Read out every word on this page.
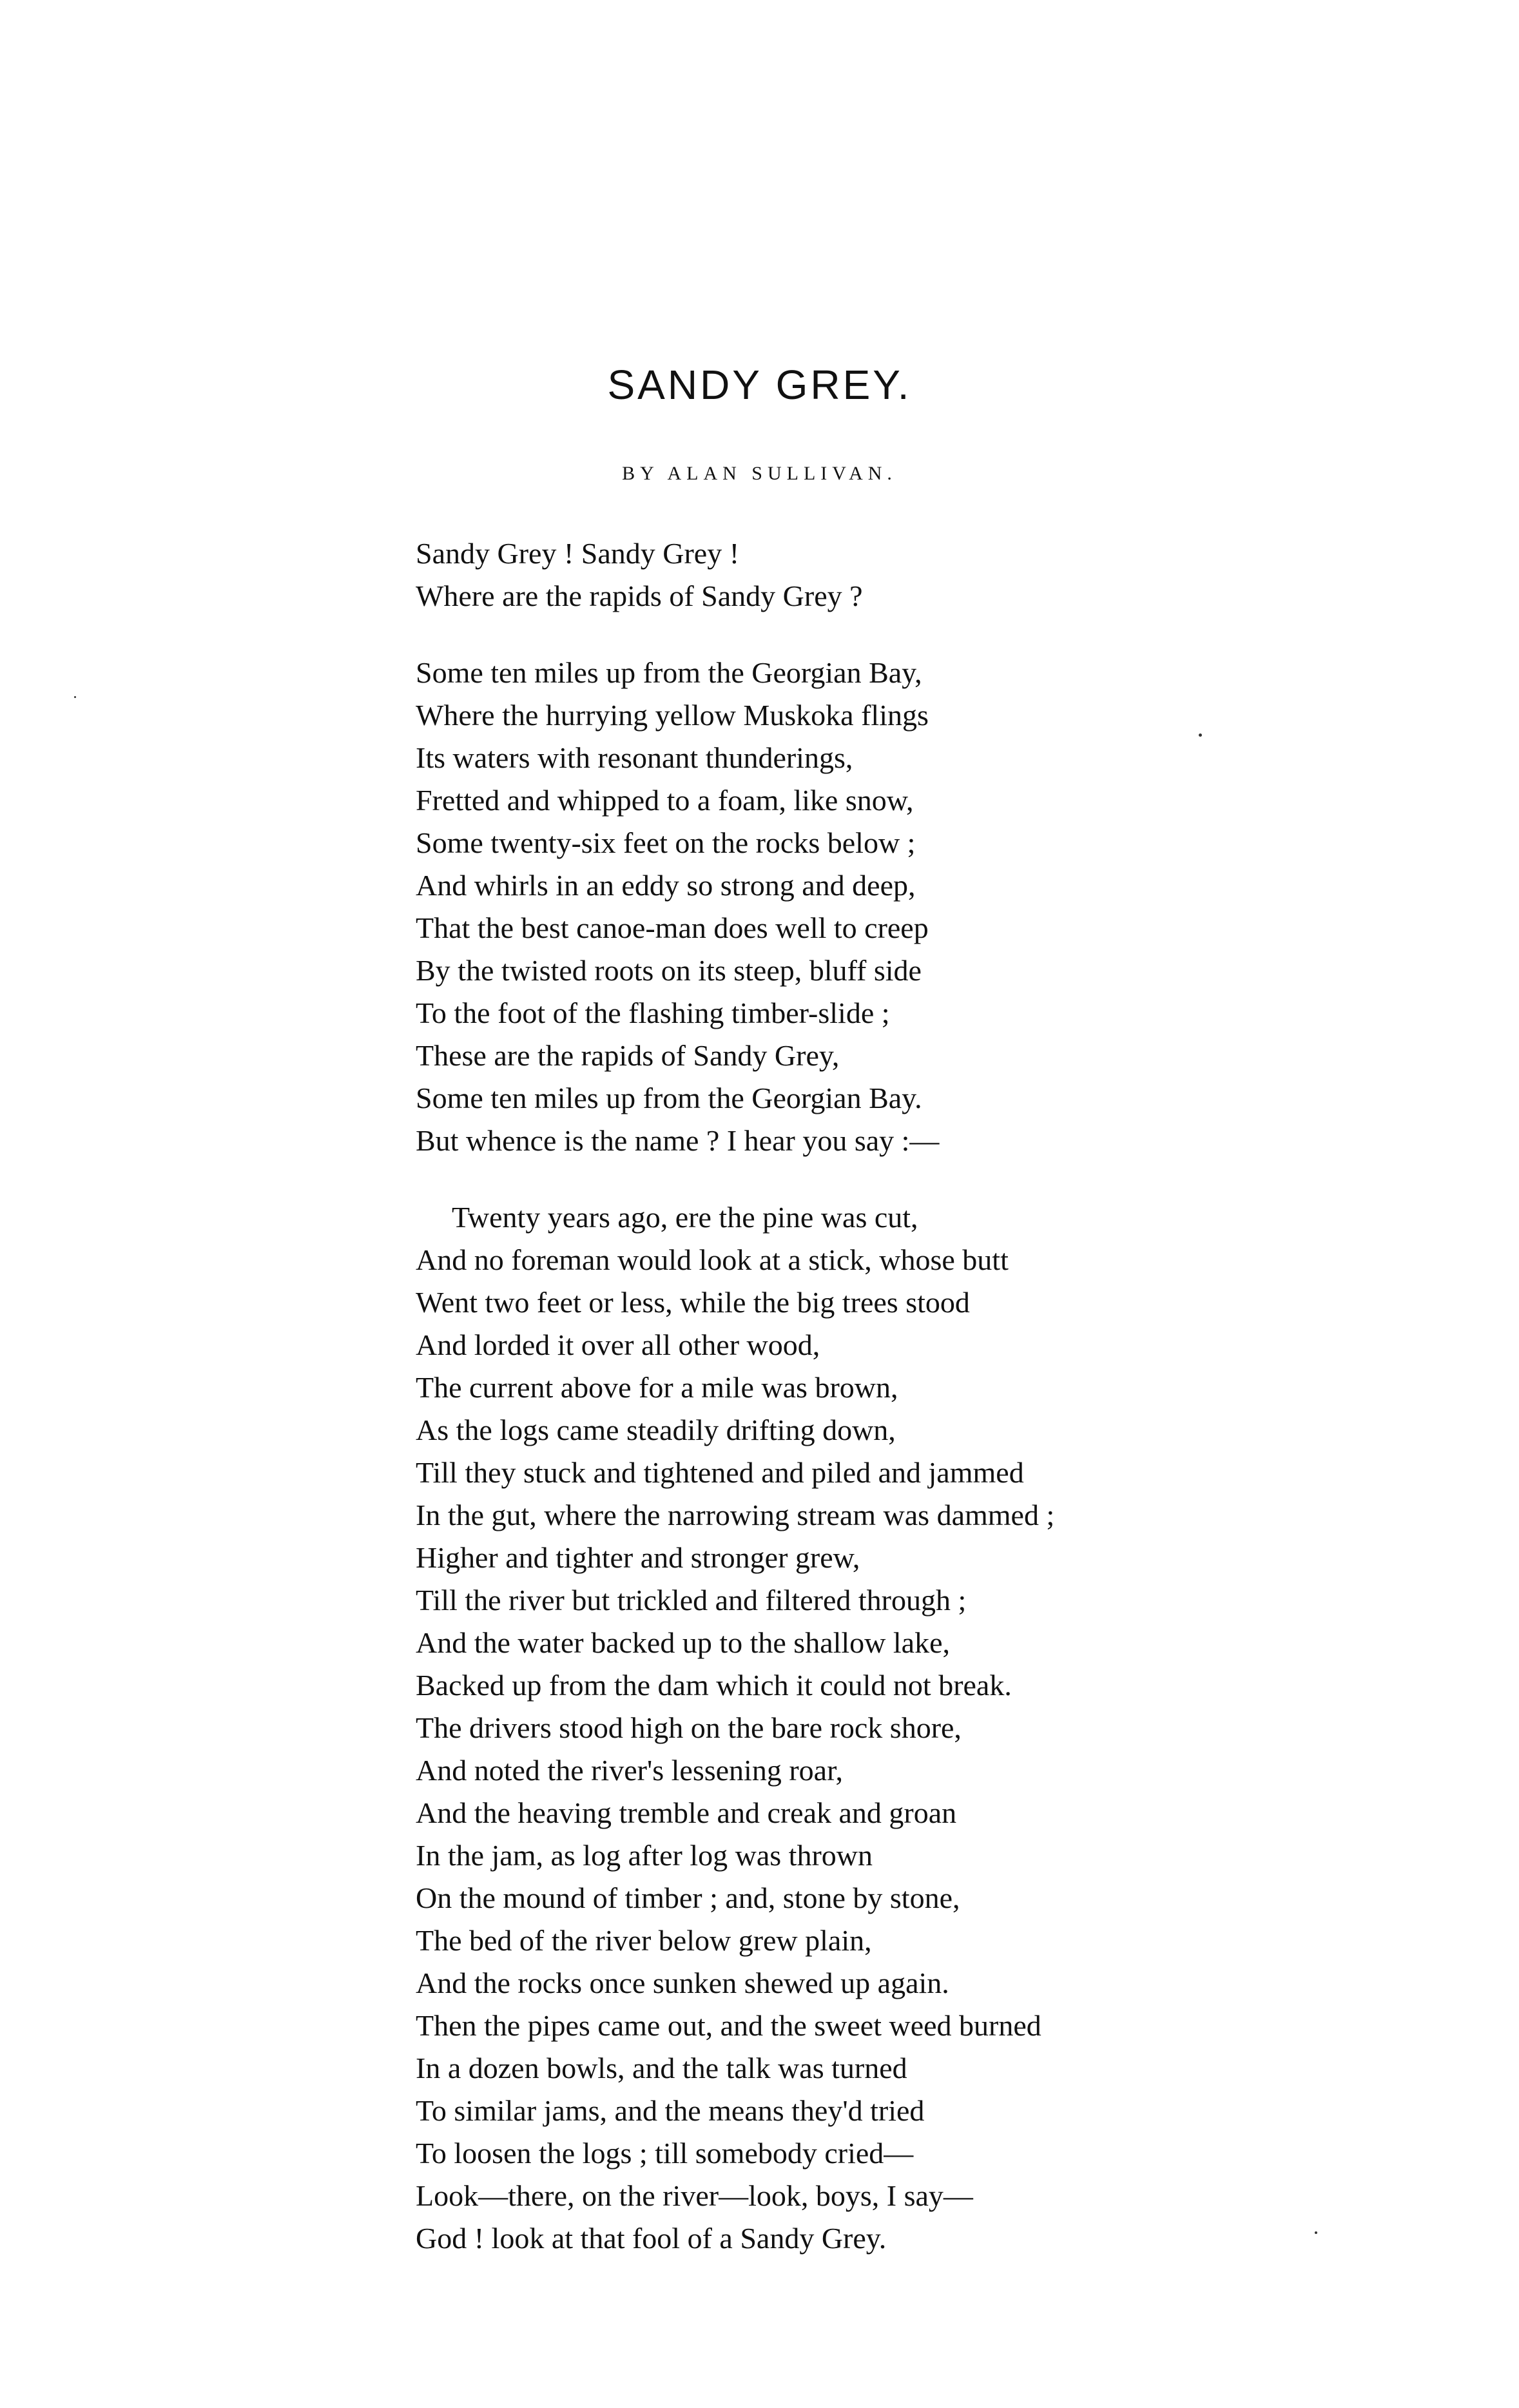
SANDY GREY.
BY ALAN SULLIVAN.
Sandy Grey ! Sandy Grey !
Where are the rapids of Sandy Grey ?
Some ten miles up from the Georgian Bay,
Where the hurrying yellow Muskoka flings
Its waters with resonant thunderings,
Fretted and whipped to a foam, like snow,
Some twenty-six feet on the rocks below ;
And whirls in an eddy so strong and deep,
That the best canoe-man does well to creep
By the twisted roots on its steep, bluff side
To the foot of the flashing timber-slide ;
These are the rapids of Sandy Grey,
Some ten miles up from the Georgian Bay.
But whence is the name ? I hear you say :—
Twenty years ago, ere the pine was cut,
And no foreman would look at a stick, whose butt
Went two feet or less, while the big trees stood
And lorded it over all other wood,
The current above for a mile was brown,
As the logs came steadily drifting down,
Till they stuck and tightened and piled and jammed
In the gut, where the narrowing stream was dammed ;
Higher and tighter and stronger grew,
Till the river but trickled and filtered through ;
And the water backed up to the shallow lake,
Backed up from the dam which it could not break.
The drivers stood high on the bare rock shore,
And noted the river's lessening roar,
And the heaving tremble and creak and groan
In the jam, as log after log was thrown
On the mound of timber ; and, stone by stone,
The bed of the river below grew plain,
And the rocks once sunken shewed up again.
Then the pipes came out, and the sweet weed burned
In a dozen bowls, and the talk was turned
To similar jams, and the means they'd tried
To loosen the logs ; till somebody cried—
Look—there, on the river—look, boys, I say—
God ! look at that fool of a Sandy Grey.
